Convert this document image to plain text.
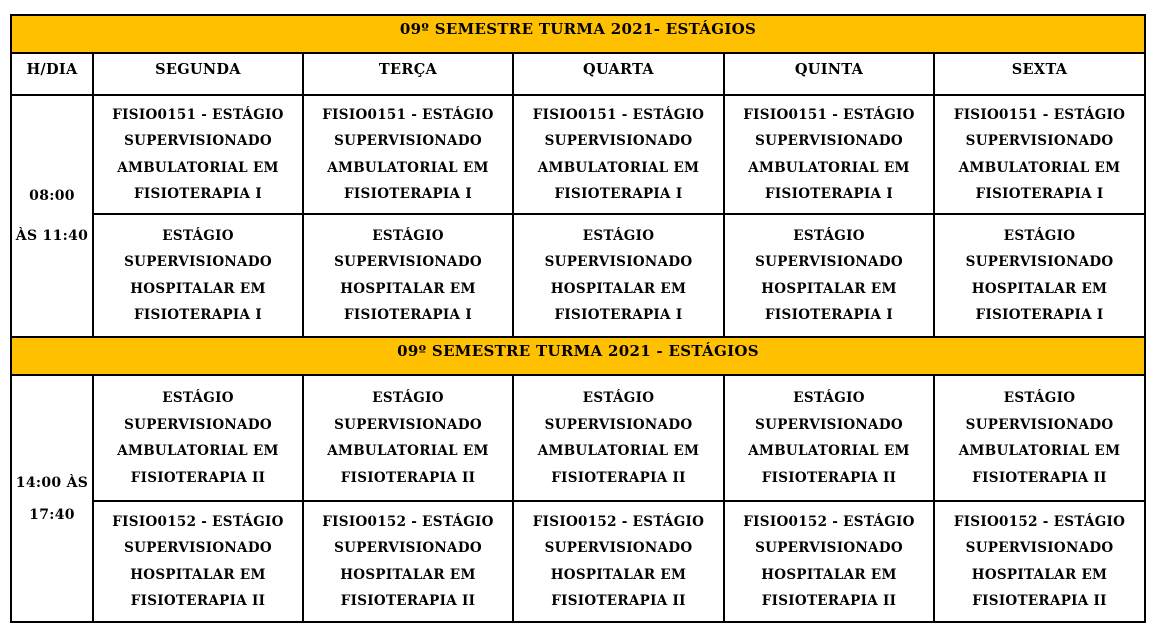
09º SEMESTRE TURMA 2021- ESTÁGIOS					
H/DIA	SEGUNDA	TERÇA	QUARTA	QUINTA	SEXTA
08:00
ÀS 11:40	FISIO0151 - ESTÁGIO
SUPERVISIONADO
AMBULATORIAL EM
FISIOTERAPIA I	FISIO0151 - ESTÁGIO
SUPERVISIONADO
AMBULATORIAL EM
FISIOTERAPIA I	FISIO0151 - ESTÁGIO
SUPERVISIONADO
AMBULATORIAL EM
FISIOTERAPIA I	FISIO0151 - ESTÁGIO
SUPERVISIONADO
AMBULATORIAL EM
FISIOTERAPIA I	FISIO0151 - ESTÁGIO
SUPERVISIONADO
AMBULATORIAL EM
FISIOTERAPIA I
	ESTÁGIO
SUPERVISIONADO
HOSPITALAR EM
FISIOTERAPIA I	ESTÁGIO
SUPERVISIONADO
HOSPITALAR EM
FISIOTERAPIA I	ESTÁGIO
SUPERVISIONADO
HOSPITALAR EM
FISIOTERAPIA I	ESTÁGIO
SUPERVISIONADO
HOSPITALAR EM
FISIOTERAPIA I	ESTÁGIO
SUPERVISIONADO
HOSPITALAR EM
FISIOTERAPIA I
09º SEMESTRE TURMA 2021 - ESTÁGIOS					
14:00 ÀS
17:40	ESTÁGIO
SUPERVISIONADO
AMBULATORIAL EM
FISIOTERAPIA II	ESTÁGIO
SUPERVISIONADO
AMBULATORIAL EM
FISIOTERAPIA II	ESTÁGIO
SUPERVISIONADO
AMBULATORIAL EM
FISIOTERAPIA II	ESTÁGIO
SUPERVISIONADO
AMBULATORIAL EM
FISIOTERAPIA II	ESTÁGIO
SUPERVISIONADO
AMBULATORIAL EM
FISIOTERAPIA II
	FISIO0152 - ESTÁGIO
SUPERVISIONADO
HOSPITALAR EM
FISIOTERAPIA II	FISIO0152 - ESTÁGIO
SUPERVISIONADO
HOSPITALAR EM
FISIOTERAPIA II	FISIO0152 - ESTÁGIO
SUPERVISIONADO
HOSPITALAR EM
FISIOTERAPIA II	FISIO0152 - ESTÁGIO
SUPERVISIONADO
HOSPITALAR EM
FISIOTERAPIA II	FISIO0152 - ESTÁGIO
SUPERVISIONADO
HOSPITALAR EM
FISIOTERAPIA II
